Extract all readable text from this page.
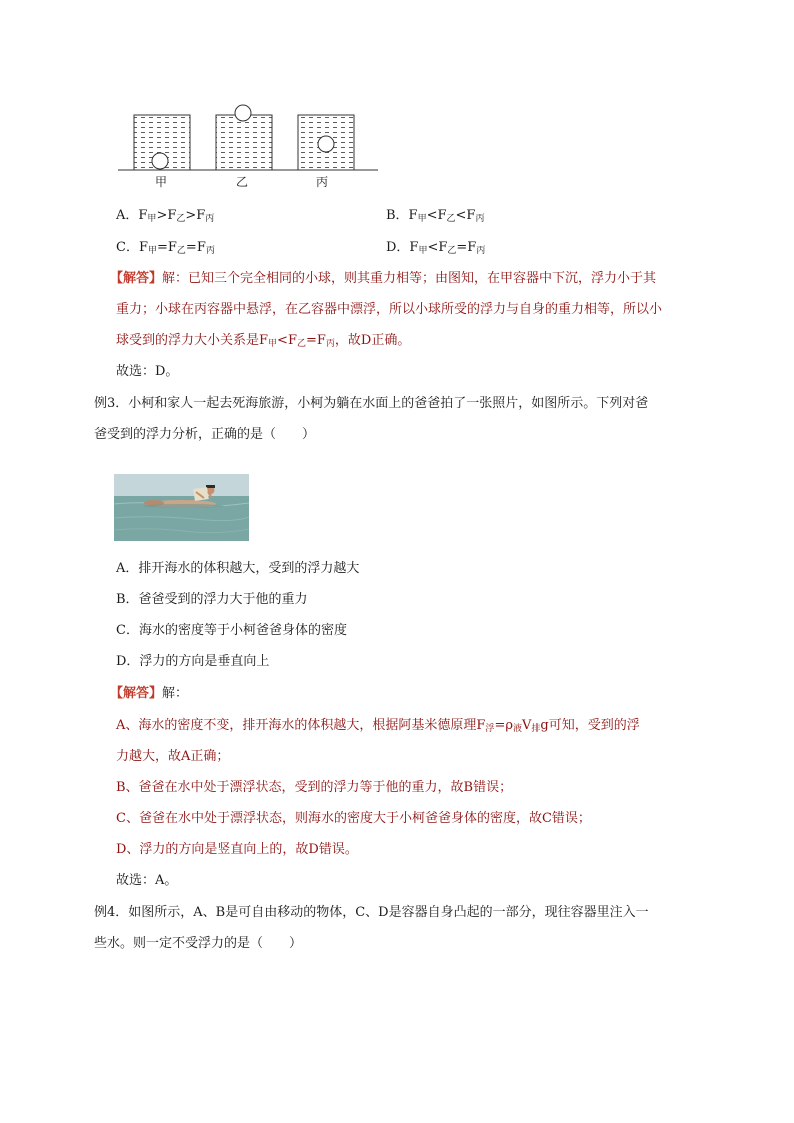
甲	乙	丙
A．$F_甲>F_乙>F_丙$	B．$F_甲<F_乙<F_丙$
C．$F_甲=F_乙=F_丙$	D．$F_甲<F_乙=F_丙$
【解答】解：已知三个完全相同的小球，则其重力相等；由图知，在甲容器中下沉，浮力小于其
重力；小球在丙容器中悬浮，在乙容器中漂浮，所以小球所受的浮力与自身的重力相等，所以小
球受到的浮力大小关系是$F_甲<F_乙=F_丙$，故D正确。
故选：D。
例3．小柯和家人一起去死海旅游，小柯为躺在水面上的爸爸拍了一张照片，如图所示。下列对爸
爸受到的浮力分析，正确的是（　　）
A．排开海水的体积越大，受到的浮力越大
B．爸爸受到的浮力大于他的重力
C．海水的密度等于小柯爸爸身体的密度
D．浮力的方向是垂直向上
【解答】解：
A、海水的密度不变，排开海水的体积越大，根据阿基米德原理$F_浮=\rho_液V_排g$可知，受到的浮
力越大，故A正确；
B、爸爸在水中处于漂浮状态，受到的浮力等于他的重力，故B错误；
C、爸爸在水中处于漂浮状态，则海水的密度大于小柯爸爸身体的密度，故C错误；
D、浮力的方向是竖直向上的，故D错误。
故选：A。
例4．如图所示，A、B是可自由移动的物体，C、D是容器自身凸起的一部分，现往容器里注入一
些水。则一定不受浮力的是（　　）
